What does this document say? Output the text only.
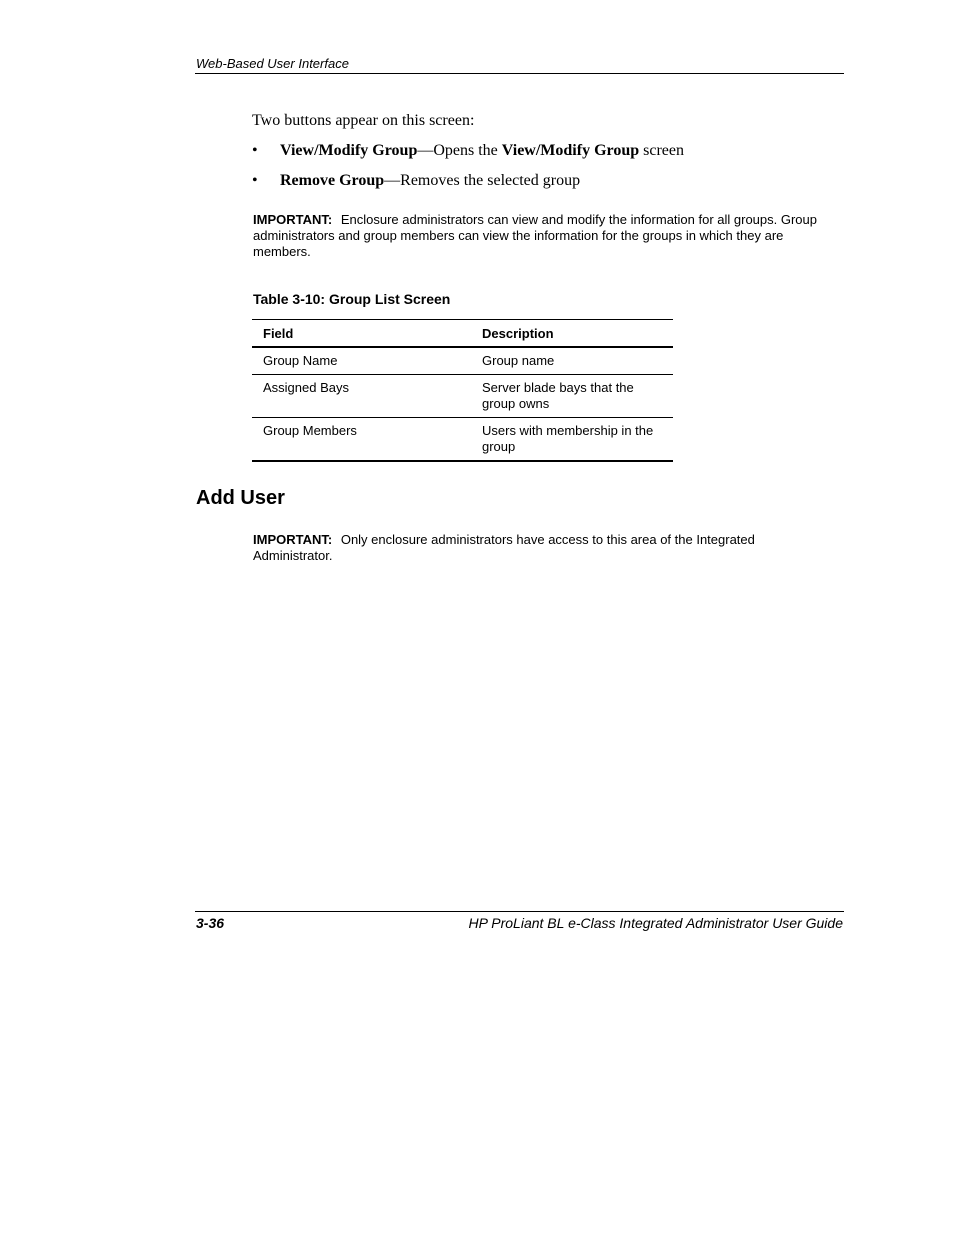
Web-Based User Interface
Two buttons appear on this screen:
• View/Modify Group—Opens the View/Modify Group screen
• Remove Group—Removes the selected group
IMPORTANT: Enclosure administrators can view and modify the information for all groups. Group administrators and group members can view the information for the groups in which they are members.
Table 3-10: Group List Screen
Field	Description
Group Name	Group name
Assigned Bays	Server blade bays that the group owns
Group Members	Users with membership in the group
Add User
IMPORTANT: Only enclosure administrators have access to this area of the Integrated Administrator.
3-36	HP ProLiant BL e-Class Integrated Administrator User Guide
